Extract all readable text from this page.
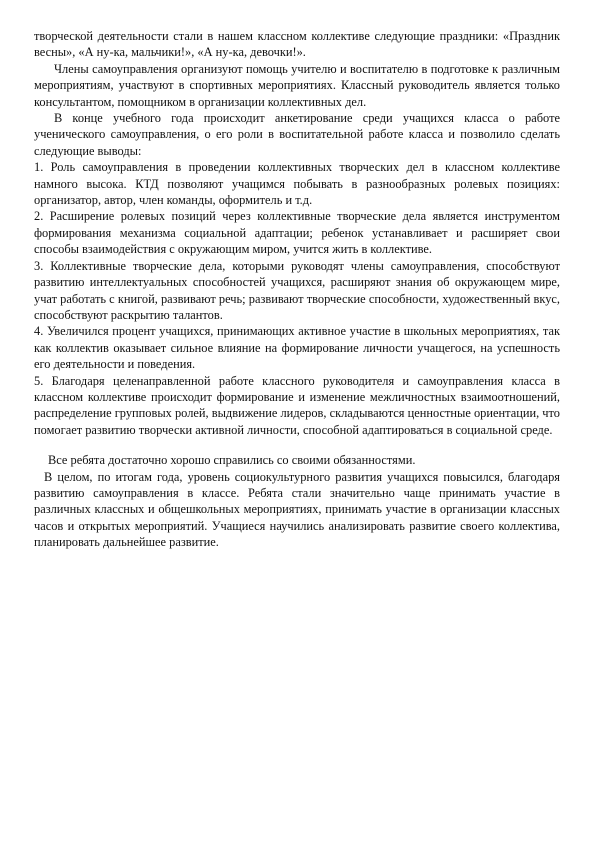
творческой деятельности стали в нашем классном коллективе следующие праздники: «Праздник весны», «А ну-ка, мальчики!», «А ну-ка, девочки!».

Члены самоуправления организуют помощь учителю и воспитателю в подготовке к различным мероприятиям, участвуют в спортивных мероприятиях. Классный руководитель является только консультантом, помощником в организации коллективных дел.

В конце учебного года происходит анкетирование среди учащихся класса о работе ученического самоуправления, о его роли в воспитательной работе класса и позволило сделать следующие выводы:

1. Роль самоуправления в проведении коллективных творческих дел в классном коллективе намного высока. КТД позволяют учащимся побывать в разнообразных ролевых позициях: организатор, автор, член команды, оформитель и т.д.

2. Расширение ролевых позиций через коллективные творческие дела является инструментом формирования механизма социальной адаптации; ребенок устанавливает и расширяет свои способы взаимодействия с окружающим миром, учится жить в коллективе.

3. Коллективные творческие дела, которыми руководят члены самоуправления, способствуют развитию интеллектуальных способностей учащихся, расширяют знания об окружающем мире, учат работать с книгой, развивают речь; развивают творческие способности, художественный вкус, способствуют раскрытию талантов.

4. Увеличился процент учащихся, принимающих активное участие в школьных мероприятиях, так как коллектив оказывает сильное влияние на формирование личности учащегося, на успешность его деятельности и поведения.

5. Благодаря целенаправленной работе классного руководителя и самоуправления класса в классном коллективе происходит формирование и изменение межличностных взаимоотношений, распределение групповых ролей, выдвижение лидеров, складываются ценностные ориентации, что помогает развитию творчески активной личности, способной адаптироваться в социальной среде.

Все ребята достаточно хорошо справились со своими обязанностями.

В целом, по итогам года, уровень социокультурного развития учащихся повысился, благодаря развитию самоуправления в классе. Ребята стали значительно чаще принимать участие в различных классных и общешкольных мероприятиях, принимать участие в организации классных часов и открытых мероприятий. Учащиеся научились анализировать развитие своего коллектива, планировать дальнейшее развитие.
